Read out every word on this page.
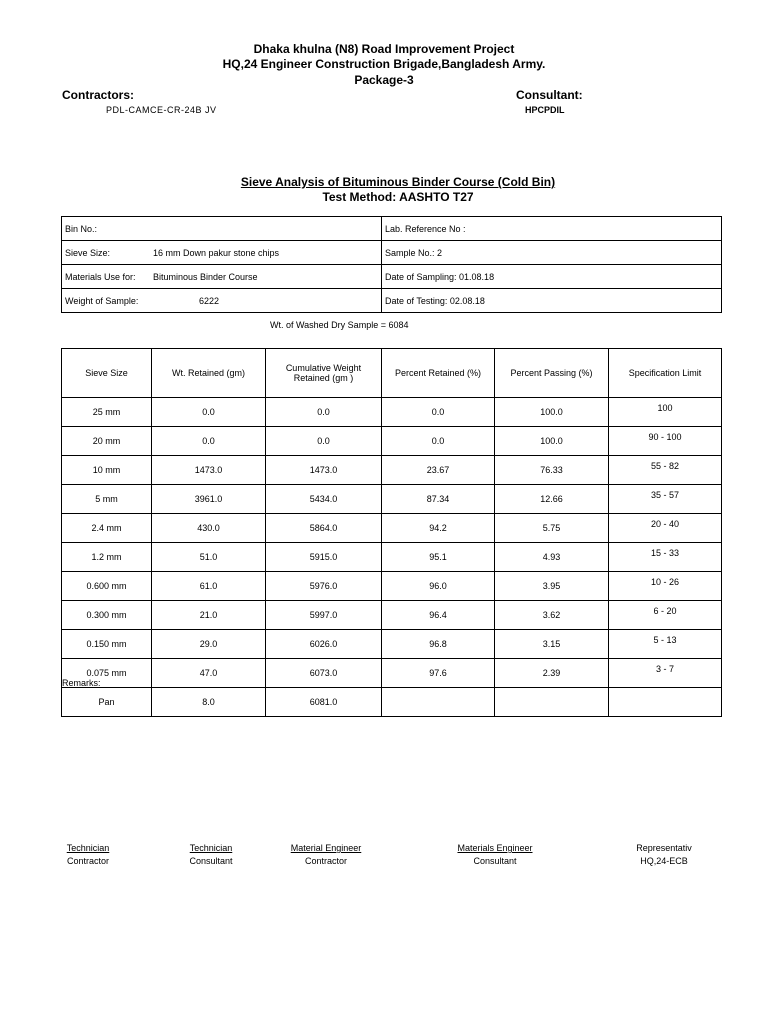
Dhaka khulna (N8) Road Improvement Project
HQ,24 Engineer Construction Brigade,Bangladesh Army.
Package-3
Contractors:
PDL-CAMCE-CR-24B JV
Consultant:
HPCPDIL
Sieve Analysis of Bituminous Binder Course (Cold Bin)
Test Method: AASHTO T27
Bin No.:	Lab. Reference No :
Sieve Size: 16 mm Down pakur stone chips	Sample No.: 2
Materials Use for: Bituminous Binder Course	Date of Sampling: 01.08.18
Weight of Sample: 6222	Date of Testing: 02.08.18
Wt. of Washed Dry Sample = 6084
Sieve Size	Wt. Retained (gm)	Cumulative Weight Retained (gm )	Percent Retained (%)	Percent Passing (%)	Specification Limit
25 mm	0.0	0.0	0.0	100.0	100
20 mm	0.0	0.0	0.0	100.0	90 - 100
10 mm	1473.0	1473.0	23.67	76.33	55 - 82
5 mm	3961.0	5434.0	87.34	12.66	35 - 57
2.4 mm	430.0	5864.0	94.2	5.75	20 - 40
1.2 mm	51.0	5915.0	95.1	4.93	15 - 33
0.600 mm	61.0	5976.0	96.0	3.95	10 - 26
0.300 mm	21.0	5997.0	96.4	3.62	6 - 20
0.150 mm	29.0	6026.0	96.8	3.15	5 - 13
0.075 mm	47.0	6073.0	97.6	2.39	3 - 7
Pan	8.0	6081.0			
Remarks:
Technician
Contractor
Technician
Consultant
Material Engineer
Contractor
Materials Engineer
Consultant
Representativ
HQ,24-ECB
